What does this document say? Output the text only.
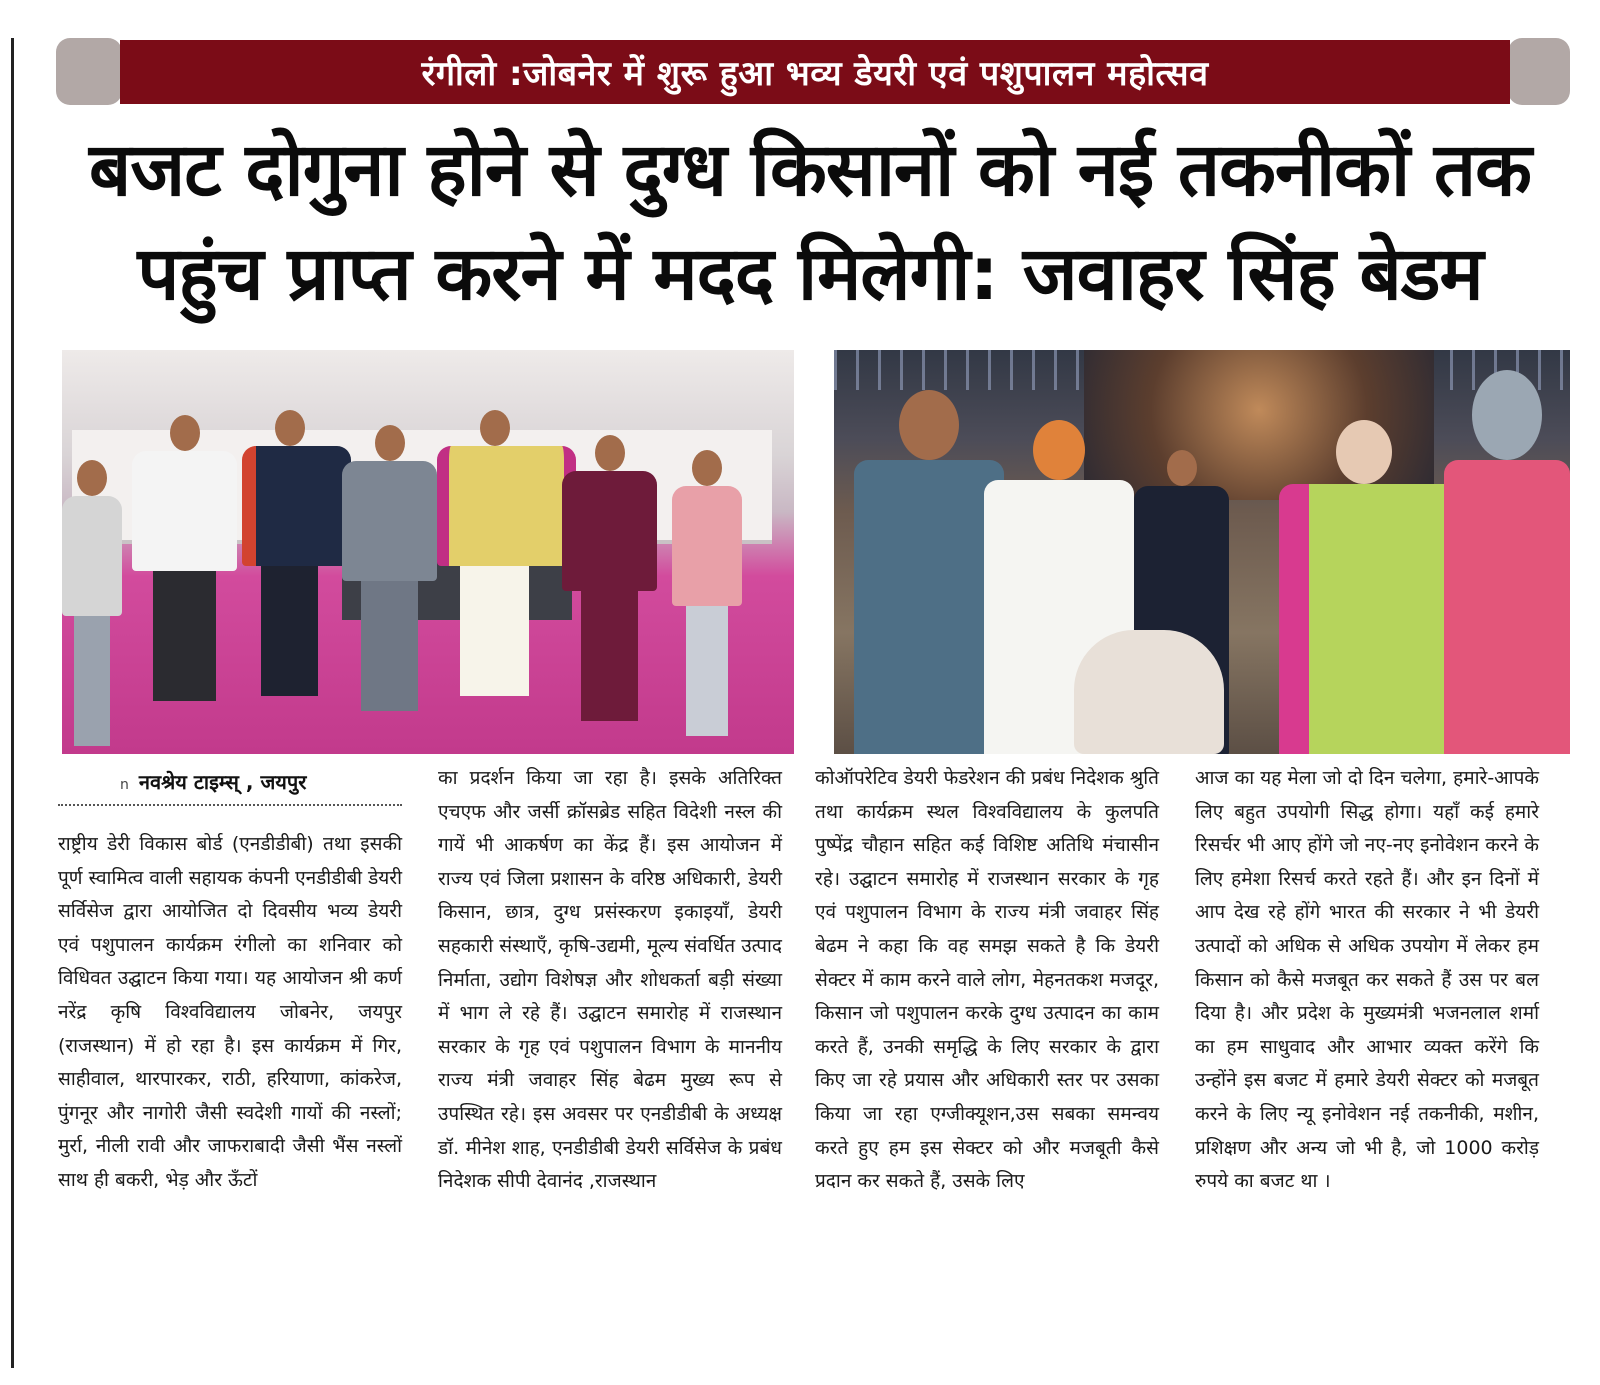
रंगीलो :जोबनेर में शुरू हुआ भव्य डेयरी एवं पशुपालन महोत्सव
बजट दोगुना होने से दुग्ध किसानों को नई तकनीकों तक पहुंच प्राप्त करने में मदद मिलेगी: जवाहर सिंह बेडम

n नवश्रेय टाइम्स् , जयपुर

राष्ट्रीय डेरी विकास बोर्ड (एनडीडीबी) तथा इसकी पूर्ण स्वामित्व वाली सहायक कंपनी एनडीडीबी डेयरी सर्विसेज द्वारा आयोजित दो दिवसीय भव्य डेयरी एवं पशुपालन कार्यक्रम रंगीलो का शनिवार को विधिवत उद्घाटन किया गया। यह आयोजन श्री कर्ण नरेंद्र कृषि विश्वविद्यालय जोबनेर, जयपुर (राजस्थान) में हो रहा है। इस कार्यक्रम में गिर, साहीवाल, थारपारकर, राठी, हरियाणा, कांकरेज, पुंगनूर और नागोरी जैसी स्वदेशी गायों की नस्लों; मुर्रा, नीली रावी और जाफराबादी जैसी भैंस नस्लों साथ ही बकरी, भेड़ और ऊँटों

का प्रदर्शन किया जा रहा है। इसके अतिरिक्त एचएफ और जर्सी क्रॉसब्रेड सहित विदेशी नस्ल की गायें भी आकर्षण का केंद्र हैं। इस आयोजन में राज्य एवं जिला प्रशासन के वरिष्ठ अधिकारी, डेयरी किसान, छात्र, दुग्ध प्रसंस्करण इकाइयाँ, डेयरी सहकारी संस्थाएँ, कृषि-उद्यमी, मूल्य संवर्धित उत्पाद निर्माता, उद्योग विशेषज्ञ और शोधकर्ता बड़ी संख्या में भाग ले रहे हैं। उद्घाटन समारोह में राजस्थान सरकार के गृह एवं पशुपालन विभाग के माननीय राज्य मंत्री जवाहर सिंह बेढम मुख्य रूप से उपस्थित रहे। इस अवसर पर एनडीडीबी के अध्यक्ष डॉ. मीनेश शाह, एनडीडीबी डेयरी सर्विसेज के प्रबंध निदेशक सीपी देवानंद ,राजस्थान

कोऑपरेटिव डेयरी फेडरेशन की प्रबंध निदेशक श्रुति तथा कार्यक्रम स्थल विश्वविद्यालय के कुलपति पुष्पेंद्र चौहान सहित कई विशिष्ट अतिथि मंचासीन रहे। उद्घाटन समारोह में राजस्थान सरकार के गृह एवं पशुपालन विभाग के राज्य मंत्री जवाहर सिंह बेढम ने कहा कि वह समझ सकते है कि डेयरी सेक्टर में काम करने वाले लोग, मेहनतकश मजदूर, किसान जो पशुपालन करके दुग्ध उत्पादन का काम करते हैं, उनकी समृद्धि के लिए सरकार के द्वारा किए जा रहे प्रयास और अधिकारी स्तर पर उसका किया जा रहा एग्जीक्यूशन,उस सबका समन्वय करते हुए हम इस सेक्टर को और मजबूती कैसे प्रदान कर सकते हैं, उसके लिए

आज का यह मेला जो दो दिन चलेगा, हमारे-आपके लिए बहुत उपयोगी सिद्ध होगा। यहाँ कई हमारे रिसर्चर भी आए होंगे जो नए-नए इनोवेशन करने के लिए हमेशा रिसर्च करते रहते हैं। और इन दिनों में आप देख रहे होंगे भारत की सरकार ने भी डेयरी उत्पादों को अधिक से अधिक उपयोग में लेकर हम किसान को कैसे मजबूत कर सकते हैं उस पर बल दिया है। और प्रदेश के मुख्यमंत्री भजनलाल शर्मा का हम साधुवाद और आभार व्यक्त करेंगे कि उन्होंने इस बजट में हमारे डेयरी सेक्टर को मजबूत करने के लिए न्यू इनोवेशन नई तकनीकी, मशीन, प्रशिक्षण और अन्य जो भी है, जो 1000 करोड़ रुपये का बजट था ।
